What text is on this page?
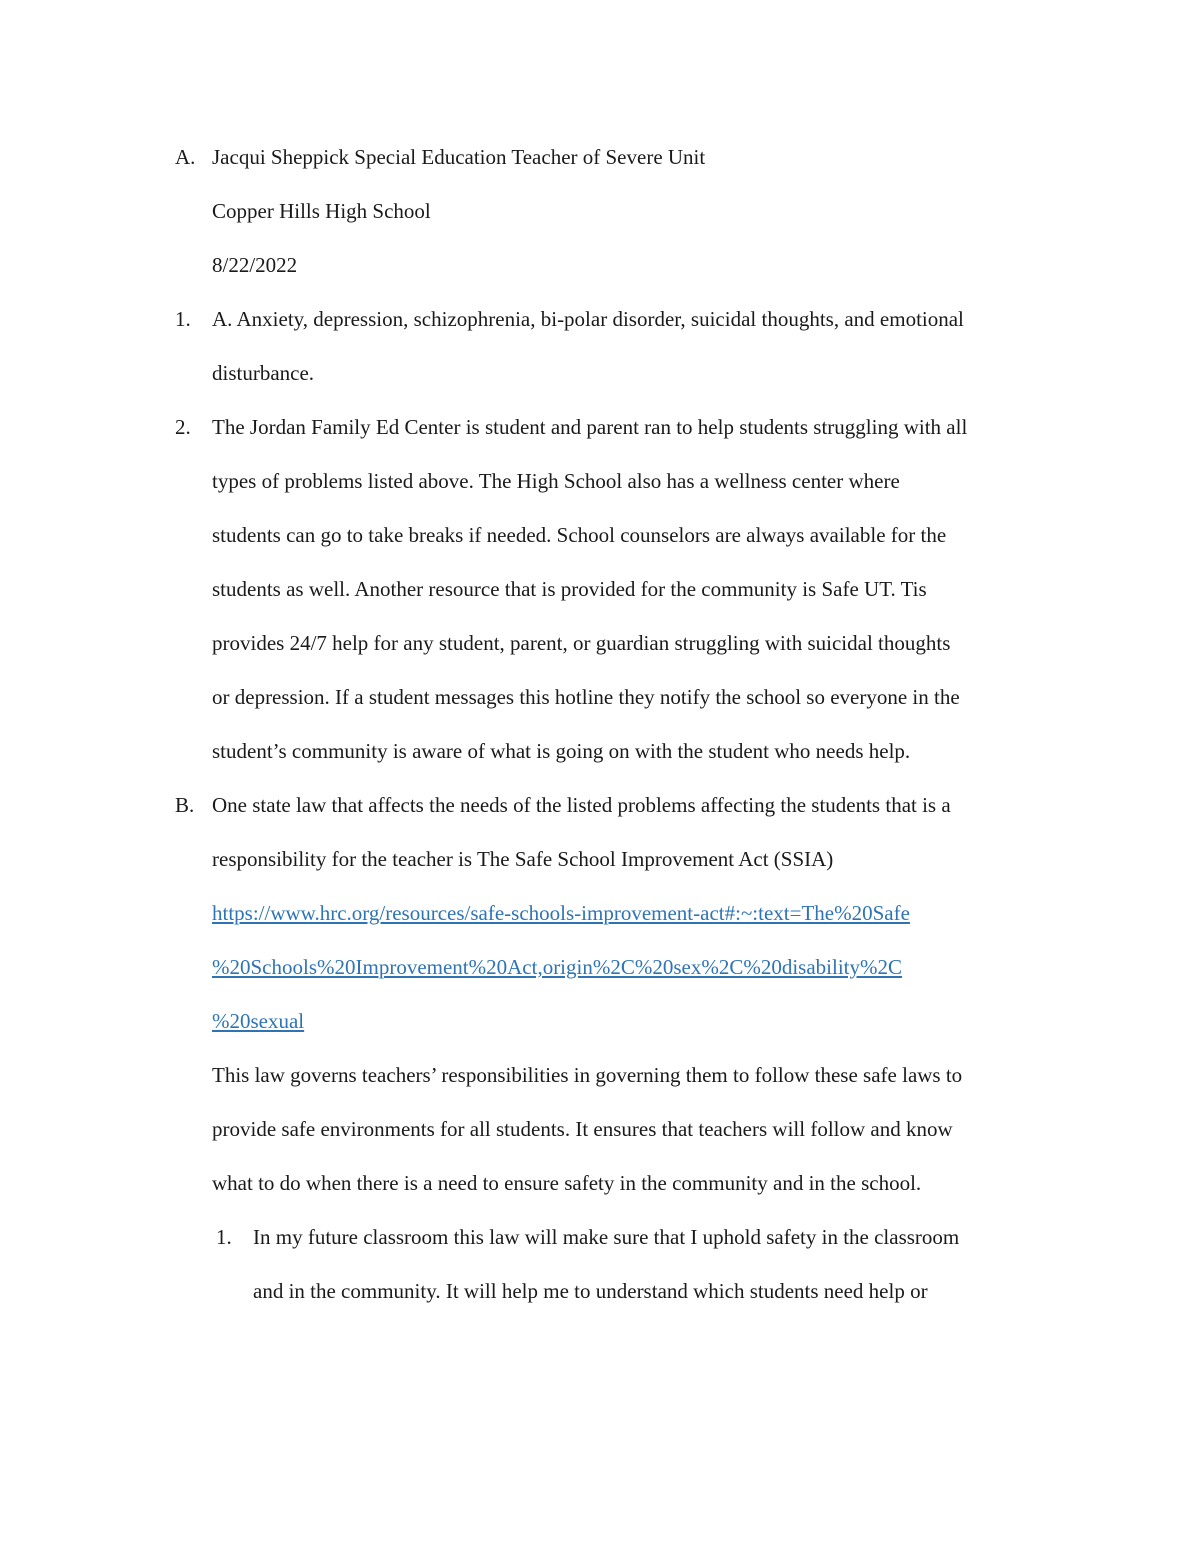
A. Jacqui Sheppick Special Education Teacher of Severe Unit
Copper Hills High School
8/22/2022
1. A. Anxiety, depression, schizophrenia, bi-polar disorder, suicidal thoughts, and emotional
disturbance.
2. The Jordan Family Ed Center is student and parent ran to help students struggling with all
types of problems listed above. The High School also has a wellness center where
students can go to take breaks if needed. School counselors are always available for the
students as well. Another resource that is provided for the community is Safe UT. Tis
provides 24/7 help for any student, parent, or guardian struggling with suicidal thoughts
or depression. If a student messages this hotline they notify the school so everyone in the
student’s community is aware of what is going on with the student who needs help.
B. One state law that affects the needs of the listed problems affecting the students that is a
responsibility for the teacher is The Safe School Improvement Act (SSIA)
https://www.hrc.org/resources/safe-schools-improvement-act#:~:text=The%20Safe
%20Schools%20Improvement%20Act,origin%2C%20sex%2C%20disability%2C
%20sexual
This law governs teachers’ responsibilities in governing them to follow these safe laws to
provide safe environments for all students. It ensures that teachers will follow and know
what to do when there is a need to ensure safety in the community and in the school.
1. In my future classroom this law will make sure that I uphold safety in the classroom
and in the community. It will help me to understand which students need help or
